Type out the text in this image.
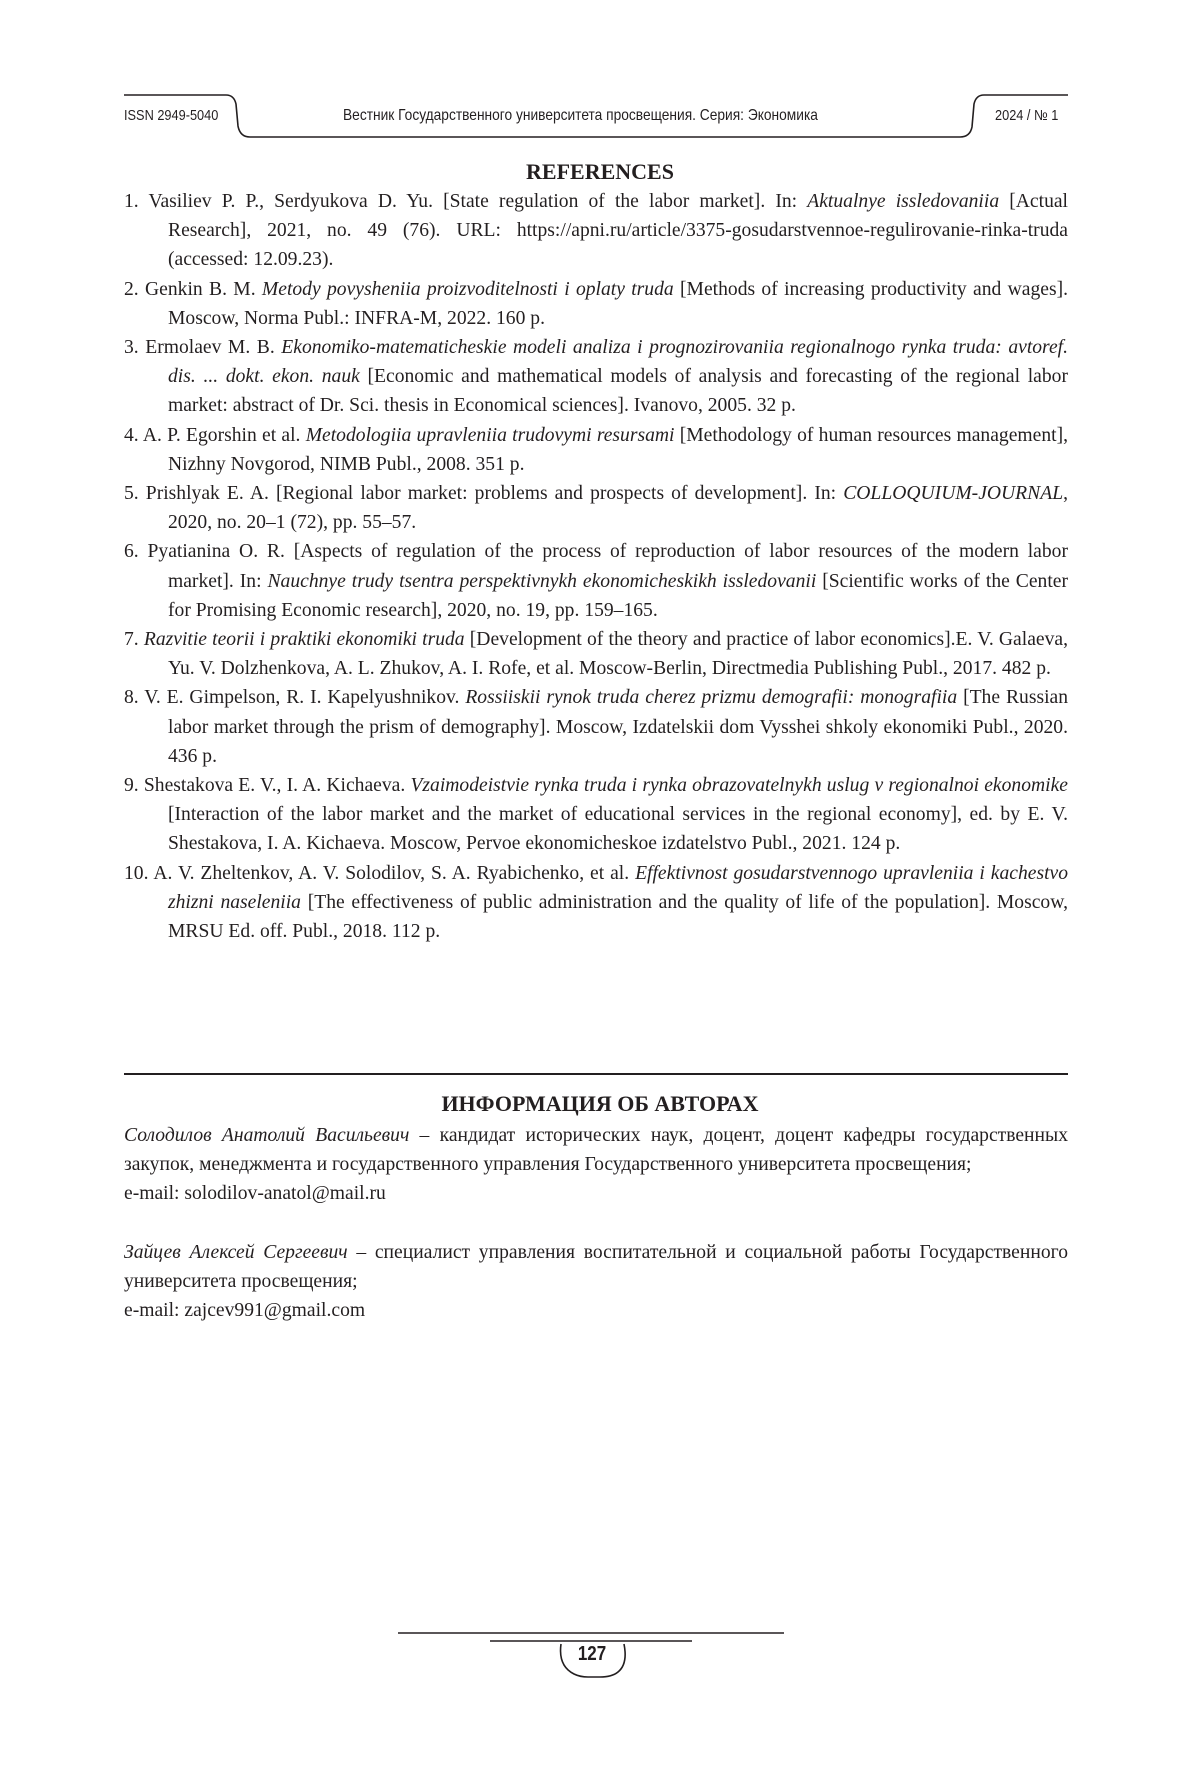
ISSN 2949-5040	Вестник Государственного университета просвещения. Серия: Экономика	2024 / № 1
REFERENCES

1. Vasiliev P. P., Serdyukova D. Yu. [State regulation of the labor market]. In: Aktualnye issledovaniia [Actual Research], 2021, no. 49 (76). URL: https://apni.ru/article/3375-gosudarstvennoe-regulirovanie-rinka-truda (accessed: 12.09.23).

2. Genkin B. M. Metody povysheniia proizvoditelnosti i oplaty truda [Methods of increasing productivity and wages]. Moscow, Norma Publ.: INFRA-M, 2022. 160 p.

3. Ermolaev M. B. Ekonomiko-matematicheskie modeli analiza i prognozirovaniia regionalnogo rynka truda: avtoref. dis. ... dokt. ekon. nauk [Economic and mathematical models of analysis and forecasting of the regional labor market: abstract of Dr. Sci. thesis in Economical sciences]. Ivanovo, 2005. 32 p.

4. A. P. Egorshin et al. Metodologiia upravleniia trudovymi resursami [Methodology of human resources management], Nizhny Novgorod, NIMB Publ., 2008. 351 p.

5. Prishlyak E. A. [Regional labor market: problems and prospects of development]. In: COLLOQUIUM-JOURNAL, 2020, no. 20–1 (72), pp. 55–57.

6. Pyatianina O. R. [Aspects of regulation of the process of reproduction of labor resources of the modern labor market]. In: Nauchnye trudy tsentra perspektivnykh ekonomicheskikh issledovanii [Scientific works of the Center for Promising Economic research], 2020, no. 19, pp. 159–165.

7. Razvitie teorii i praktiki ekonomiki truda [Development of the theory and practice of labor economics].E. V. Galaeva, Yu. V. Dolzhenkova, A. L. Zhukov, A. I. Rofe, et al. Moscow-Berlin, Directmedia Publishing Publ., 2017. 482 p.

8. V. E. Gimpelson, R. I. Kapelyushnikov. Rossiiskii rynok truda cherez prizmu demografii: monografiia [The Russian labor market through the prism of demography]. Moscow, Izdatelskii dom Vysshei shkoly ekonomiki Publ., 2020. 436 p.

9. Shestakova E. V., I. A. Kichaeva. Vzaimodeistvie rynka truda i rynka obrazovatelnykh uslug v regionalnoi ekonomike [Interaction of the labor market and the market of educational services in the regional economy], ed. by E. V. Shestakova, I. A. Kichaeva. Moscow, Pervoe ekonomicheskoe izdatelstvo Publ., 2021. 124 p.

10. A. V. Zheltenkov, A. V. Solodilov, S. A. Ryabichenko, et al. Effektivnost gosudarstvennogo upravleniia i kachestvo zhizni naseleniia [The effectiveness of public administration and the quality of life of the population]. Moscow, MRSU Ed. off. Publ., 2018. 112 p.

ИНФОРМАЦИЯ ОБ АВТОРАХ

Солодилов Анатолий Васильевич – кандидат исторических наук, доцент, доцент кафедры государственных закупок, менеджмента и государственного управления Государственного университета просвещения;

e-mail: solodilov-anatol@mail.ru

Зайцев Алексей Сергеевич – специалист управления воспитательной и социальной работы Государственного университета просвещения;

e-mail: zajcev991@gmail.com

127
